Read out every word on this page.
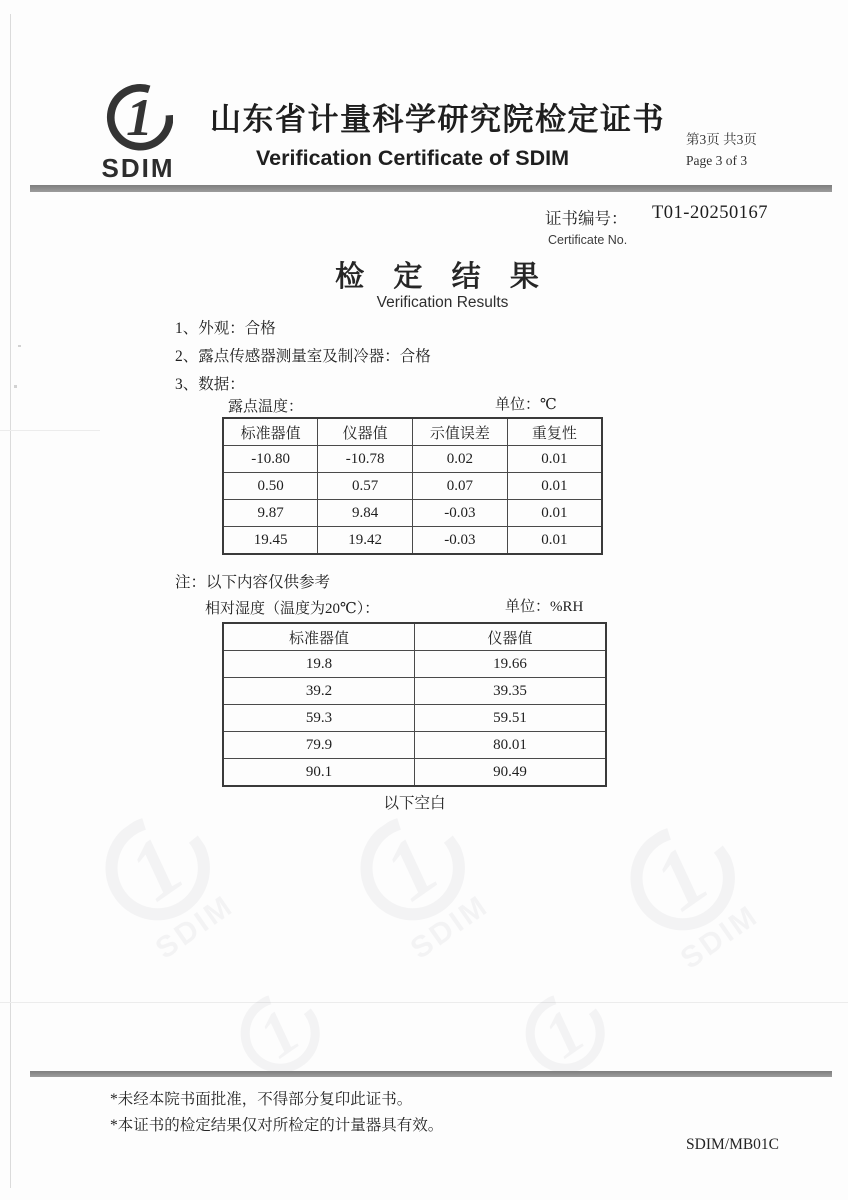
1
SDIM
山东省计量科学研究院检定证书
Verification Certificate of SDIM
第3页 共3页
Page 3 of 3
证书编号： T01-20250167
Certificate No.
检 定 结 果
Verification Results
1、外观：合格
2、露点传感器测量室及制冷器：合格
3、数据：
露点温度：	单位：℃
标准器值	仪器值	示值误差	重复性
-10.80	-10.78	0.02	0.01
0.50	0.57	0.07	0.01
9.87	9.84	-0.03	0.01
19.45	19.42	-0.03	0.01
注：以下内容仅供参考
相对湿度（温度为20℃）：	单位：%RH
标准器值	仪器值
19.8	19.66
39.2	39.35
59.3	59.51
79.9	80.01
90.1	90.49
以下空白
1
SDIM
1
SDIM	1
SDIM
1	1
*未经本院书面批准，不得部分复印此证书。
*本证书的检定结果仅对所检定的计量器具有效。
SDIM/MB01C
